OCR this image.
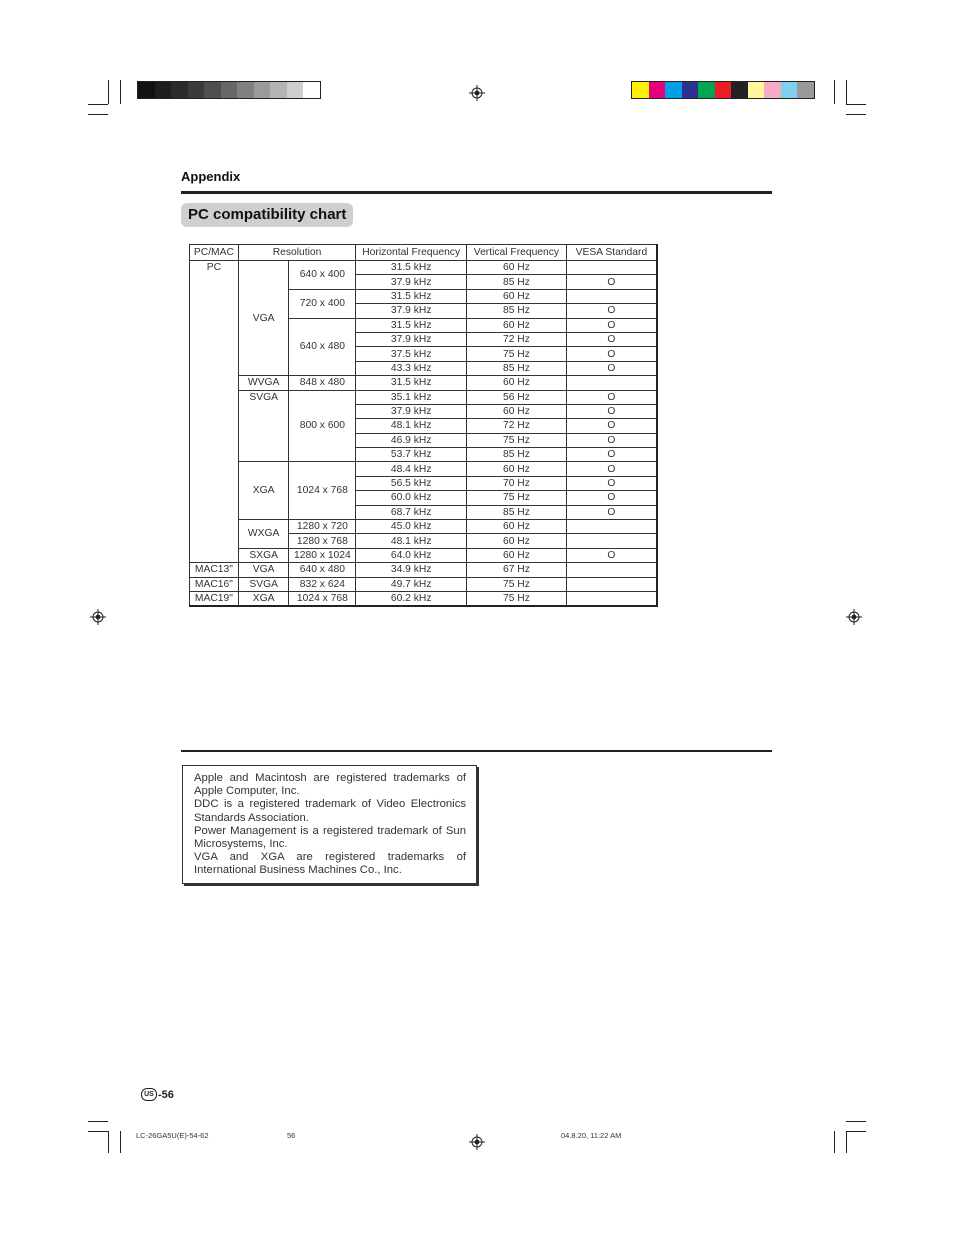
Appendix
PC compatibility chart
PC/MAC	Resolution		Horizontal Frequency	Vertical Frequency	VESA Standard
PC	VGA	640 x 400	31.5 kHz	60 Hz	
			37.9 kHz	85 Hz	O
		720 x 400	31.5 kHz	60 Hz	
			37.9 kHz	85 Hz	O
		640 x 480	31.5 kHz	60 Hz	O
			37.9 kHz	72 Hz	O
			37.5 kHz	75 Hz	O
			43.3 kHz	85 Hz	O
	WVGA	848 x 480	31.5 kHz	60 Hz	
	SVGA	800 x 600	35.1 kHz	56 Hz	O
			37.9 kHz	60 Hz	O
			48.1 kHz	72 Hz	O
			46.9 kHz	75 Hz	O
			53.7 kHz	85 Hz	O
	XGA	1024 x 768	48.4 kHz	60 Hz	O
			56.5 kHz	70 Hz	O
			60.0 kHz	75 Hz	O
			68.7 kHz	85 Hz	O
	WXGA	1280 x 720	45.0 kHz	60 Hz	
		1280 x 768	48.1 kHz	60 Hz	
	SXGA	1280 x 1024	64.0 kHz	60 Hz	O
MAC13"	VGA	640 x 480	34.9 kHz	67 Hz	
MAC16"	SVGA	832 x 624	49.7 kHz	75 Hz	
MAC19"	XGA	1024 x 768	60.2 kHz	75 Hz	
Apple and Macintosh are registered trademarks of Apple Computer, Inc.
DDC is a registered trademark of Video Electronics Standards Association.
Power Management is a registered trademark of Sun Microsystems, Inc.
VGA and XGA are registered trademarks of International Business Machines Co., Inc.
US -56
LC-26GA5U(E)-54-62	56	04.8.20, 11:22 AM
